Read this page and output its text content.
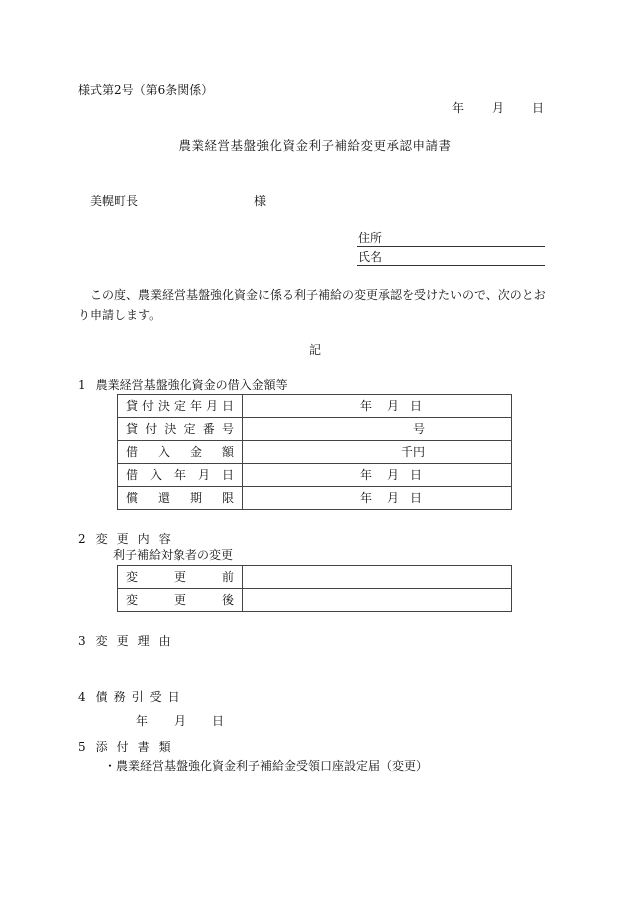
様式第2号（第6条関係）
年 月 日
農業経営基盤強化資金利子補給変更承認申請書
美幌町長	様
住所
氏名
この度、農業経営基盤強化資金に係る利子補給の変更承認を受けたいので、次のとおり申請します。
記
1 農業経営基盤強化資金の借入金額等
貸付決定年月日	年 月 日

貸付決定番号	号

借入金額	千円

借入年月日	年 月 日

償還期限	年 月 日
2 変更内容
利子補給対象者の変更
変更前	
変更後	
3 変更理由
4 債務引受日
年 月 日
5 添付書類
・農業経営基盤強化資金利子補給金受領口座設定届（変更）
